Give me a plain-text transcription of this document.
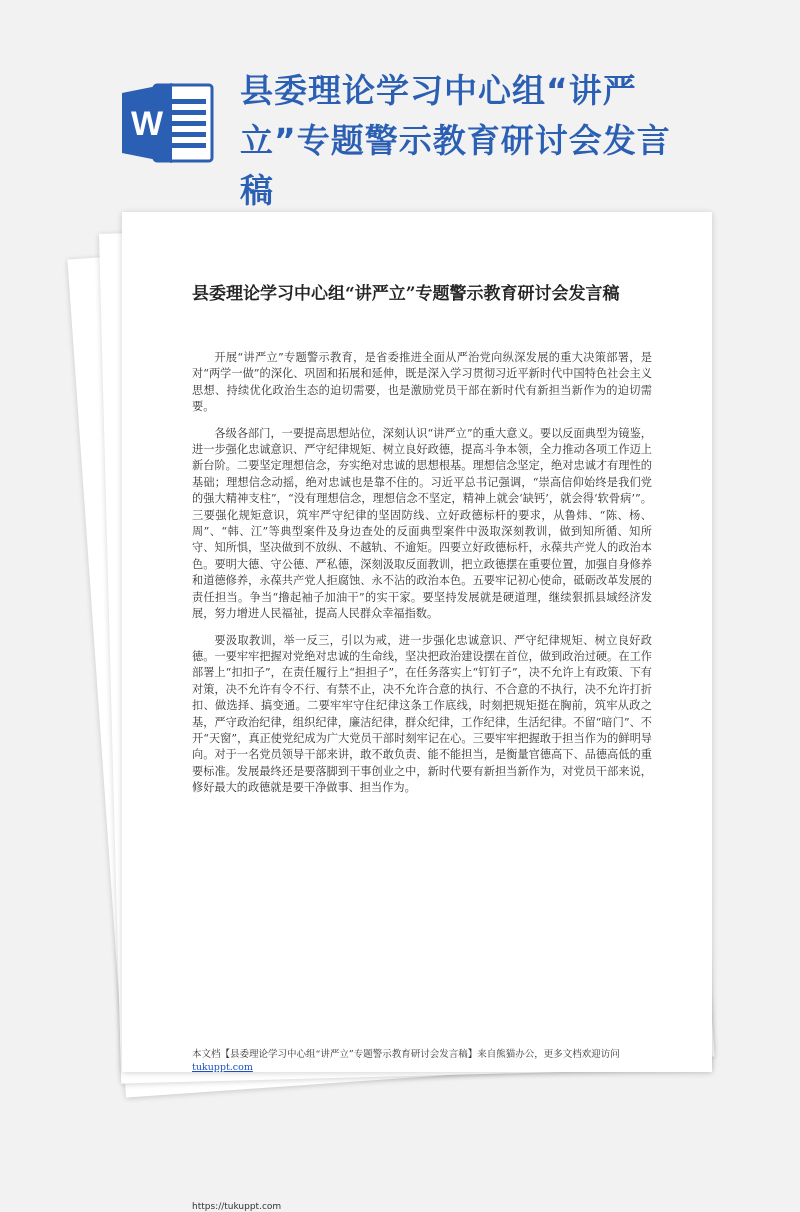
W
县委理论学习中心组“讲严立”专题警示教育研讨会发言稿
县委理论学习中心组“讲严立”专题警示教育研讨会发言稿

开展“讲严立”专题警示教育，是省委推进全面从严治党向纵深发展的重大决策部署，是对“两学一做”的深化、巩固和拓展和延伸，既是深入学习贯彻习近平新时代中国特色社会主义思想、持续优化政治生态的迫切需要，也是激励党员干部在新时代有新担当新作为的迫切需要。

各级各部门，一要提高思想站位，深刻认识“讲严立”的重大意义。要以反面典型为镜鉴，进一步强化忠诚意识、严守纪律规矩、树立良好政德，提高斗争本领，全力推动各项工作迈上新台阶。二要坚定理想信念，夯实绝对忠诚的思想根基。理想信念坚定，绝对忠诚才有理性的基础；理想信念动摇，绝对忠诚也是靠不住的。习近平总书记强调，“崇高信仰始终是我们党的强大精神支柱”，“没有理想信念，理想信念不坚定，精神上就会‘缺钙’，就会得‘软骨病’”。三要强化规矩意识，筑牢严守纪律的坚固防线、立好政德标杆的要求，从鲁炜、“陈、杨、周”、“韩、江”等典型案件及身边查处的反面典型案件中汲取深刻教训，做到知所循、知所守、知所惧，坚决做到不放纵、不越轨、不逾矩。四要立好政德标杆，永葆共产党人的政治本色。要明大德、守公德、严私德，深刻汲取反面教训，把立政德摆在重要位置，加强自身修养和道德修养，永葆共产党人拒腐蚀、永不沾的政治本色。五要牢记初心使命，砥砺改革发展的责任担当。争当“撸起袖子加油干”的实干家。要坚持发展就是硬道理，继续狠抓县域经济发展，努力增进人民福祉，提高人民群众幸福指数。

要汲取教训，举一反三，引以为戒，进一步强化忠诚意识、严守纪律规矩、树立良好政德。一要牢牢把握对党绝对忠诚的生命线，坚决把政治建设摆在首位，做到政治过硬。在工作部署上“扣扣子”，在责任履行上“担担子”，在任务落实上“钉钉子”，决不允许上有政策、下有对策，决不允许有令不行、有禁不止，决不允许合意的执行、不合意的不执行，决不允许打折扣、做选择、搞变通。二要牢牢守住纪律这条工作底线，时刻把规矩挺在胸前，筑牢从政之基，严守政治纪律，组织纪律，廉洁纪律，群众纪律，工作纪律，生活纪律。不留“暗门”、不开“天窗”，真正使党纪成为广大党员干部时刻牢记在心。三要牢牢把握敢于担当作为的鲜明导向。对于一名党员领导干部来讲，敢不敢负责、能不能担当，是衡量官德高下、品德高低的重要标准。发展最终还是要落脚到干事创业之中，新时代要有新担当新作为，对党员干部来说，修好最大的政德就是要干净做事、担当作为。

本文档【县委理论学习中心组“讲严立”专题警示教育研讨会发言稿】来自熊猫办公，更多文档欢迎访问
tukuppt.com
https://tukuppt.com
